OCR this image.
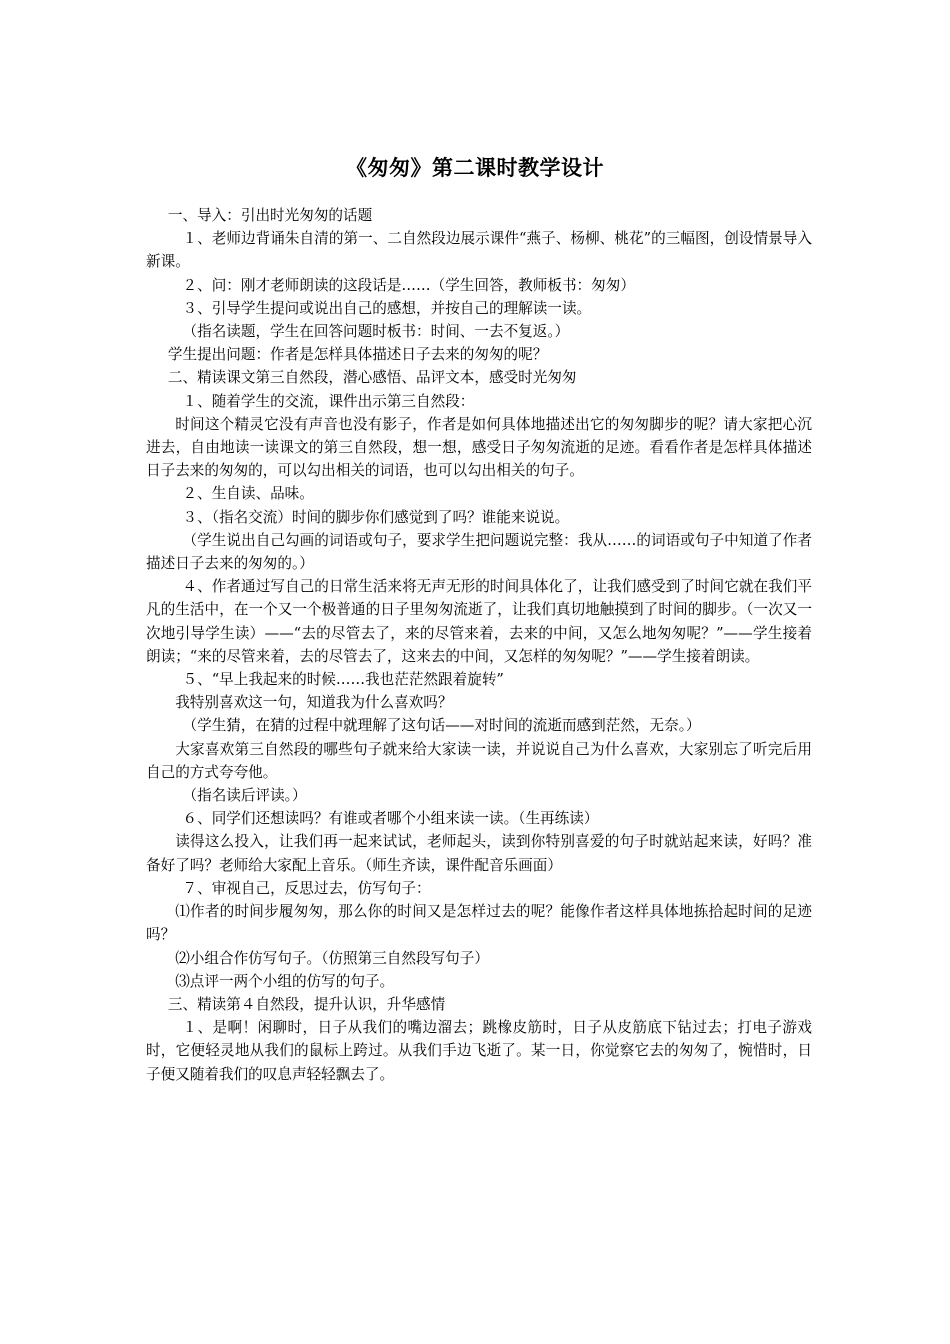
《匆匆》第二课时教学设计

一、导入：引出时光匆匆的话题

１、老师边背诵朱自清的第一、二自然段边展示课件“燕子、杨柳、桃花”的三幅图，创设情景导入新课。

２、问：刚才老师朗读的这段话是……（学生回答，教师板书：匆匆）

３、引导学生提问或说出自己的感想，并按自己的理解读一读。

（指名读题，学生在回答问题时板书：时间、一去不复返。）

学生提出问题：作者是怎样具体描述日子去来的匆匆的呢？

二、精读课文第三自然段，潜心感悟、品评文本，感受时光匆匆

１、随着学生的交流，课件出示第三自然段：

时间这个精灵它没有声音也没有影子，作者是如何具体地描述出它的匆匆脚步的呢？请大家把心沉进去，自由地读一读课文的第三自然段，想一想，感受日子匆匆流逝的足迹。看看作者是怎样具体描述日子去来的匆匆的，可以勾出相关的词语，也可以勾出相关的句子。

２、生自读、品味。

３、（指名交流）时间的脚步你们感觉到了吗？谁能来说说。

（学生说出自己勾画的词语或句子，要求学生把问题说完整：我从……的词语或句子中知道了作者描述日子去来的匆匆的。）

４、作者通过写自己的日常生活来将无声无形的时间具体化了，让我们感受到了时间它就在我们平凡的生活中，在一个又一个极普通的日子里匆匆流逝了，让我们真切地触摸到了时间的脚步。（一次又一次地引导学生读）——“去的尽管去了，来的尽管来着，去来的中间，又怎么地匆匆呢？”——学生接着朗读；“来的尽管来着，去的尽管去了，这来去的中间，又怎样的匆匆呢？”——学生接着朗读。

５、“早上我起来的时候……我也茫茫然跟着旋转”

我特别喜欢这一句，知道我为什么喜欢吗？

（学生猜，在猜的过程中就理解了这句话——对时间的流逝而感到茫然，无奈。）

大家喜欢第三自然段的哪些句子就来给大家读一读，并说说自己为什么喜欢，大家别忘了听完后用自己的方式夸夸他。

（指名读后评读。）

６、同学们还想读吗？有谁或者哪个小组来读一读。（生再练读）

读得这么投入，让我们再一起来试试，老师起头，读到你特别喜爱的句子时就站起来读，好吗？准备好了吗？老师给大家配上音乐。（师生齐读，课件配音乐画面）

７、审视自己，反思过去，仿写句子：

⑴作者的时间步履匆匆，那么你的时间又是怎样过去的呢？能像作者这样具体地拣拾起时间的足迹吗？

⑵小组合作仿写句子。（仿照第三自然段写句子）

⑶点评一两个小组的仿写的句子。

三、精读第４自然段，提升认识，升华感情

１、是啊！闲聊时，日子从我们的嘴边溜去；跳橡皮筋时，日子从皮筋底下钻过去；打电子游戏时，它便轻灵地从我们的鼠标上跨过。从我们手边飞逝了。某一日，你觉察它去的匆匆了，惋惜时，日子便又随着我们的叹息声轻轻飘去了。
